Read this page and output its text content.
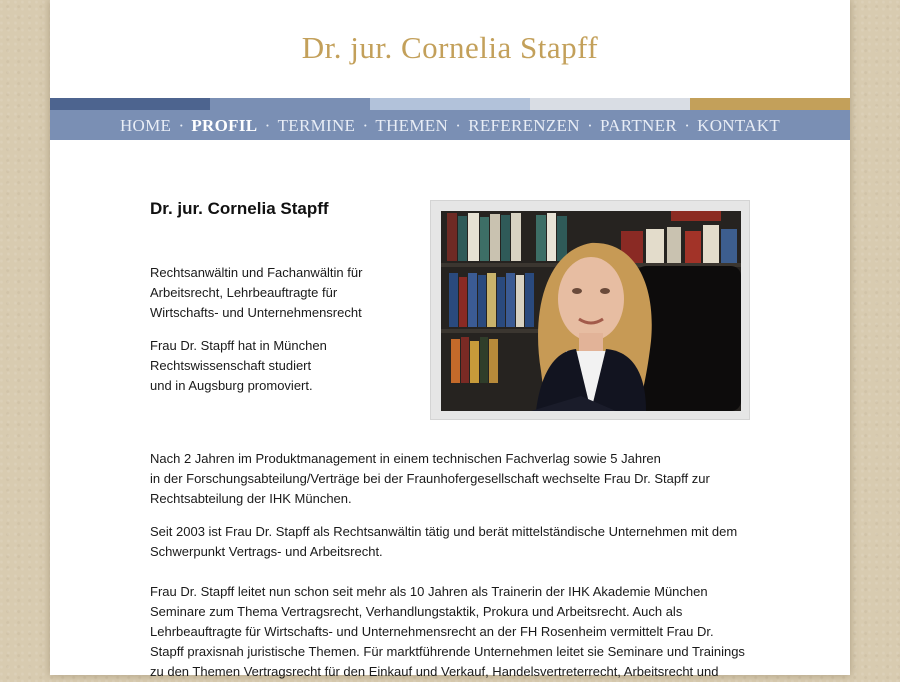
Dr. jur. Cornelia Stapff
HOME · PROFIL · TERMINE · THEMEN · REFERENZEN · PARTNER · KONTAKT
Dr. jur. Cornelia Stapff

Rechtsanwältin und Fachanwältin für
Arbeitsrecht, Lehrbeauftragte für
Wirtschafts- und Unternehmensrecht

Frau Dr. Stapff hat in München
Rechtswissenschaft studiert
und in Augsburg promoviert.

Nach 2 Jahren im Produktmanagement in einem technischen Fachverlag sowie 5 Jahren
in der Forschungsabteilung/Verträge bei der Fraunhofergesellschaft wechselte Frau Dr. Stapff zur
Rechtsabteilung der IHK München.

Seit 2003 ist Frau Dr. Stapff als Rechtsanwältin tätig und berät mittelständische Unternehmen mit dem
Schwerpunkt Vertrags- und Arbeitsrecht.

Frau Dr. Stapff leitet nun schon seit mehr als 10 Jahren als Trainerin der IHK Akademie München
Seminare zum Thema Vertragsrecht, Verhandlungstaktik, Prokura und Arbeitsrecht. Auch als
Lehrbeauftragte für Wirtschafts- und Unternehmensrecht an der FH Rosenheim vermittelt Frau Dr.
Stapff praxisnah juristische Themen. Für marktführende Unternehmen leitet sie Seminare und Trainings
zu den Themen Vertragsrecht für den Einkauf und Verkauf, Handelsvertreterrecht, Arbeitsrecht und
